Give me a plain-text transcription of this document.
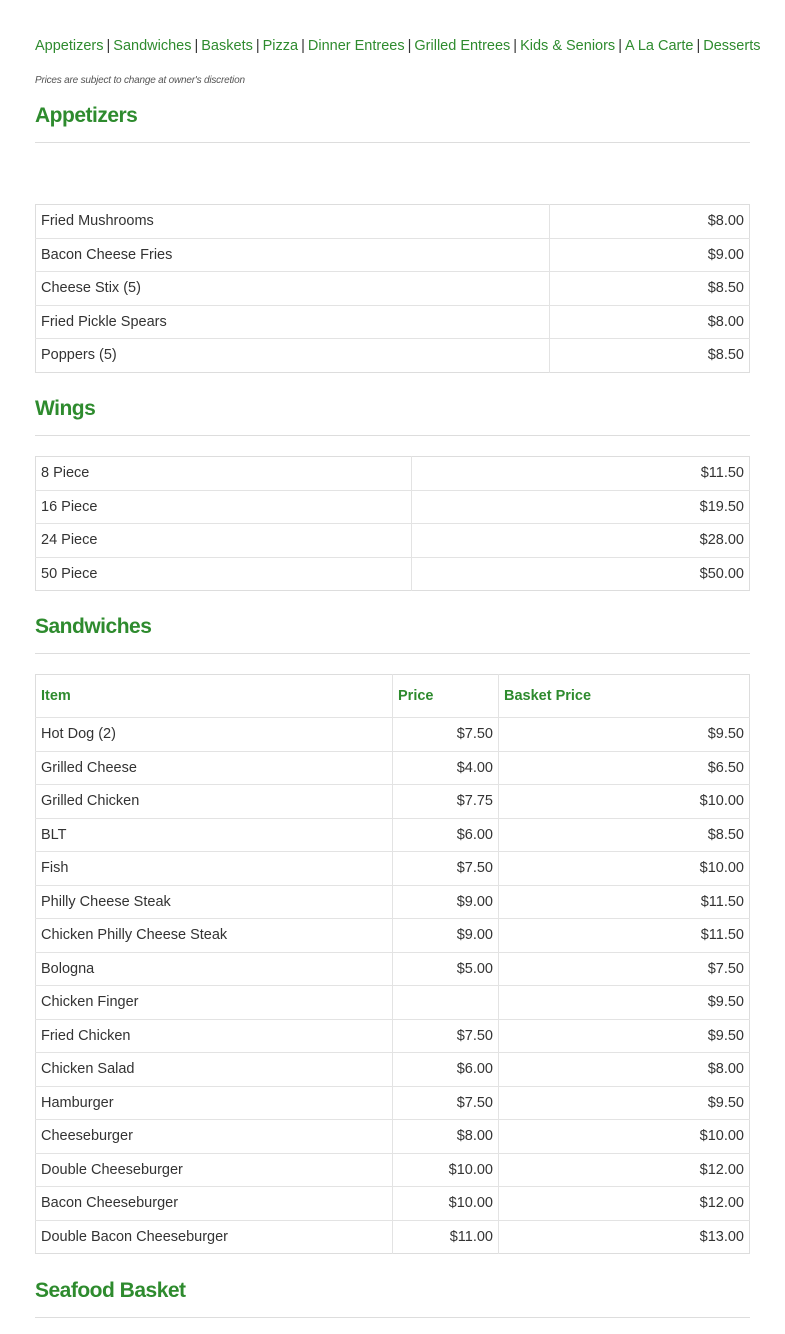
Appetizers | Sandwiches | Baskets | Pizza | Dinner Entrees | Grilled Entrees | Kids & Seniors | A La Carte | Desserts
Prices are subject to change at owner's discretion
Appetizers
Fried Mushrooms	$8.00
Bacon Cheese Fries	$9.00
Cheese Stix (5)	$8.50
Fried Pickle Spears	$8.00
Poppers (5)	$8.50
Wings
8 Piece	$11.50
16 Piece	$19.50
24 Piece	$28.00
50 Piece	$50.00
Sandwiches
Item	Price	Basket Price
Hot Dog (2)	$7.50	$9.50
Grilled Cheese	$4.00	$6.50
Grilled Chicken	$7.75	$10.00
BLT	$6.00	$8.50
Fish	$7.50	$10.00
Philly Cheese Steak	$9.00	$11.50
Chicken Philly Cheese Steak	$9.00	$11.50
Bologna	$5.00	$7.50
Chicken Finger		$9.50
Fried Chicken	$7.50	$9.50
Chicken Salad	$6.00	$8.00
Hamburger	$7.50	$9.50
Cheeseburger	$8.00	$10.00
Double Cheeseburger	$10.00	$12.00
Bacon Cheeseburger	$10.00	$12.00
Double Bacon Cheeseburger	$11.00	$13.00
Seafood Basket
